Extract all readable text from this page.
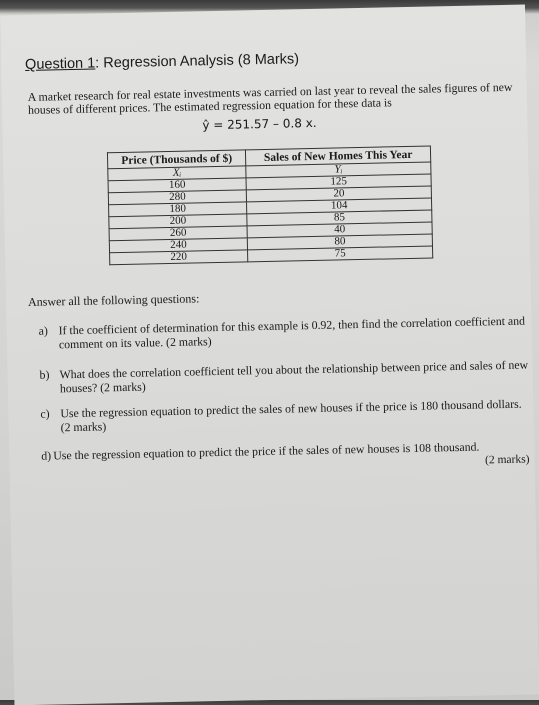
Question 1: Regression Analysis (8 Marks)
A market research for real estate investments was carried on last year to reveal the sales figures of new houses of different prices. The estimated regression equation for these data is
ŷ = 251.57 – 0.8 x.
Price (Thousands of $)	Sales of New Homes This Year
Xᵢ	Yᵢ
160	125
280	20
180	104
200	85
260	40
240	80
220	75
Answer all the following questions:
a) If the coefficient of determination for this example is 0.92, then find the correlation coefficient and comment on its value. (2 marks)
b) What does the correlation coefficient tell you about the relationship between price and sales of new houses? (2 marks)
c) Use the regression equation to predict the sales of new houses if the price is 180 thousand dollars. (2 marks)
d) Use the regression equation to predict the price if the sales of new houses is 108 thousand. (2 marks)
